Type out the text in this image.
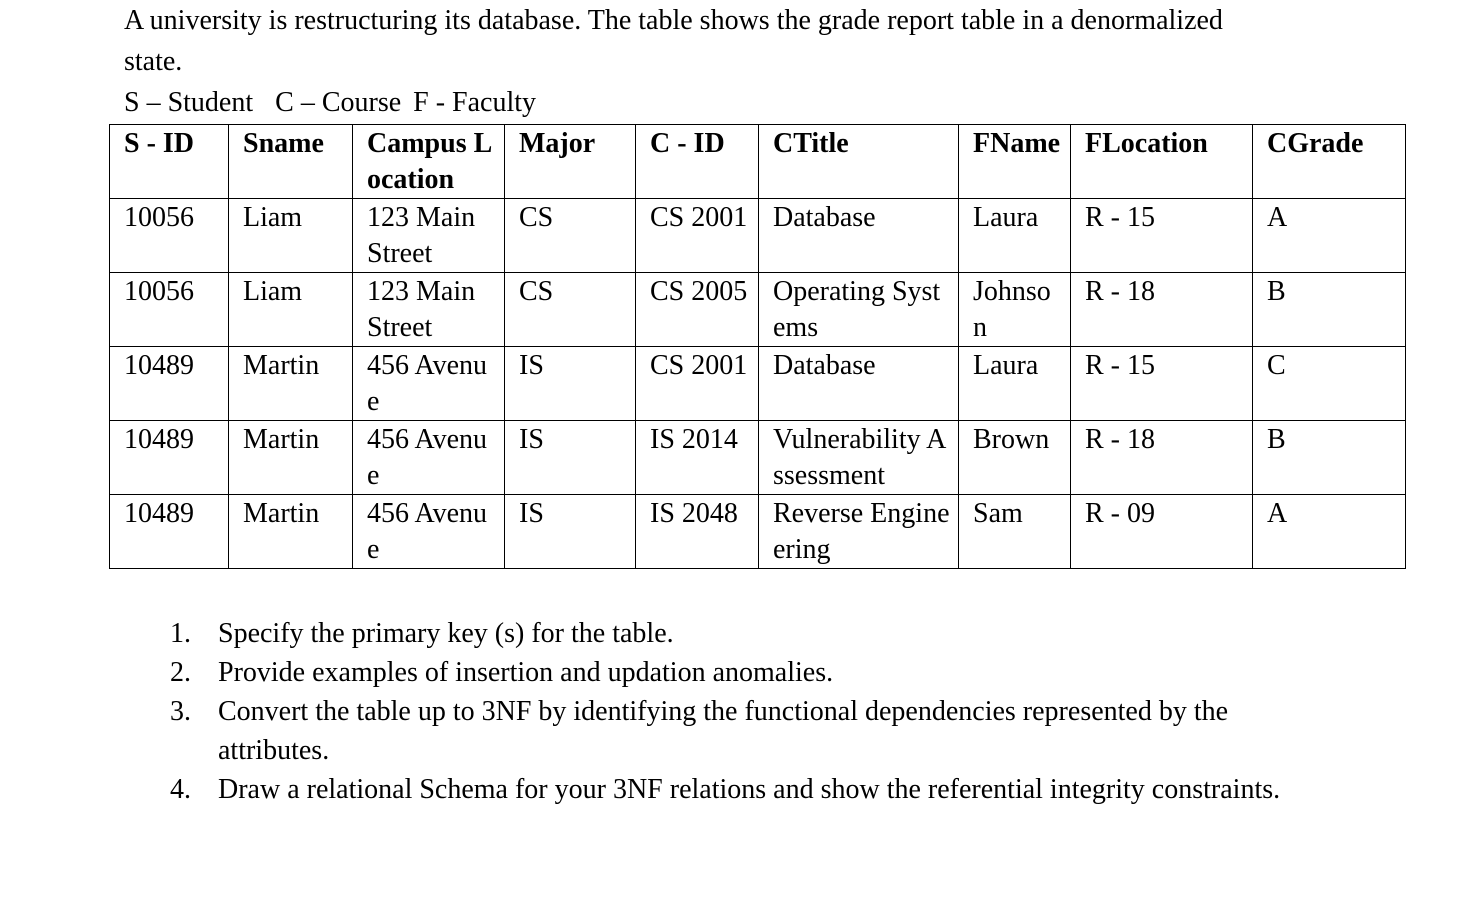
A university is restructuring its database. The table shows the grade report table in a denormalized state.

S – Student C – Course F - Faculty

S - ID	Sname	Campus Location	Major	C - ID	CTitle	FName	FLocation	CGrade
10056	Liam	123 Main Street	CS	CS 2001	Database	Laura	R - 15	A
10056	Liam	123 Main Street	CS	CS 2005	Operating Systems	Johnson	R - 18	B
10489	Martin	456 Avenue	IS	CS 2001	Database	Laura	R - 15	C
10489	Martin	456 Avenue	IS	IS 2014	Vulnerability Assessment	Brown	R - 18	B
10489	Martin	456 Avenue	IS	IS 2048	Reverse Engineering	Sam	R - 09	A
1. Specify the primary key (s) for the table.
2. Provide examples of insertion and updation anomalies.
3. Convert the table up to 3NF by identifying the functional dependencies represented by the attributes.
4. Draw a relational Schema for your 3NF relations and show the referential integrity constraints.
